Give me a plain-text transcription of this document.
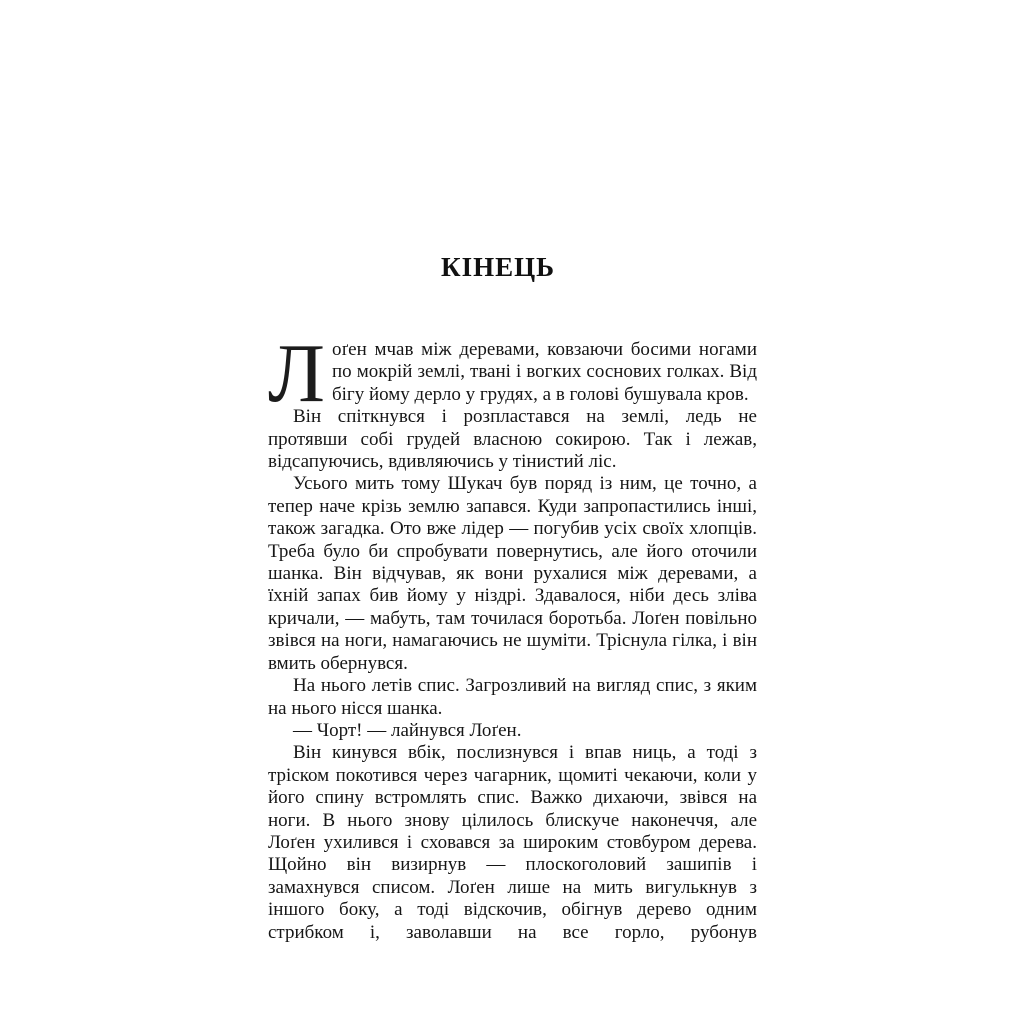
КІНЕЦЬ

Лоґен мчав між деревами, ковзаючи босими ногами по мокрій землі, твані і вогких соснових голках. Від бігу йому дерло у грудях, а в голові бушувала кров.

Він спіткнувся і розпластався на землі, ледь не протявши собі грудей власною сокирою. Так і лежав, відсапуючись, вдивляючись у тінистий ліс.

Усього мить тому Шукач був поряд із ним, це точно, а тепер наче крізь землю запався. Куди запропастились інші, також загадка. Ото вже лідер — погубив усіх своїх хлопців. Треба було би спробувати повернутись, але його оточили шанка. Він відчував, як вони рухалися між деревами, а їхній запах бив йому у ніздрі. Здавалося, ніби десь зліва кричали, — мабуть, там точилася боротьба. Лоґен повільно звівся на ноги, намагаючись не шуміти. Тріснула гілка, і він вмить обернувся.

На нього летів спис. Загрозливий на вигляд спис, з яким на нього нісся шанка.

— Чорт! — лайнувся Лоґен.

Він кинувся вбік, послизнувся і впав ниць, а тоді з тріском покотився через чагарник, щомиті чекаючи, коли у його спину встромлять спис. Важко дихаючи, звівся на ноги. В нього знову цілилось блискуче наконеччя, але Лоґен ухилився і сховався за широким стовбуром дерева. Щойно він визирнув — плоскоголовий зашипів і замахнувся списом. Лоґен лише на мить вигулькнув з іншого боку, а тоді відскочив, обігнув дерево одним стрибком і, заволавши на все горло, рубонув
